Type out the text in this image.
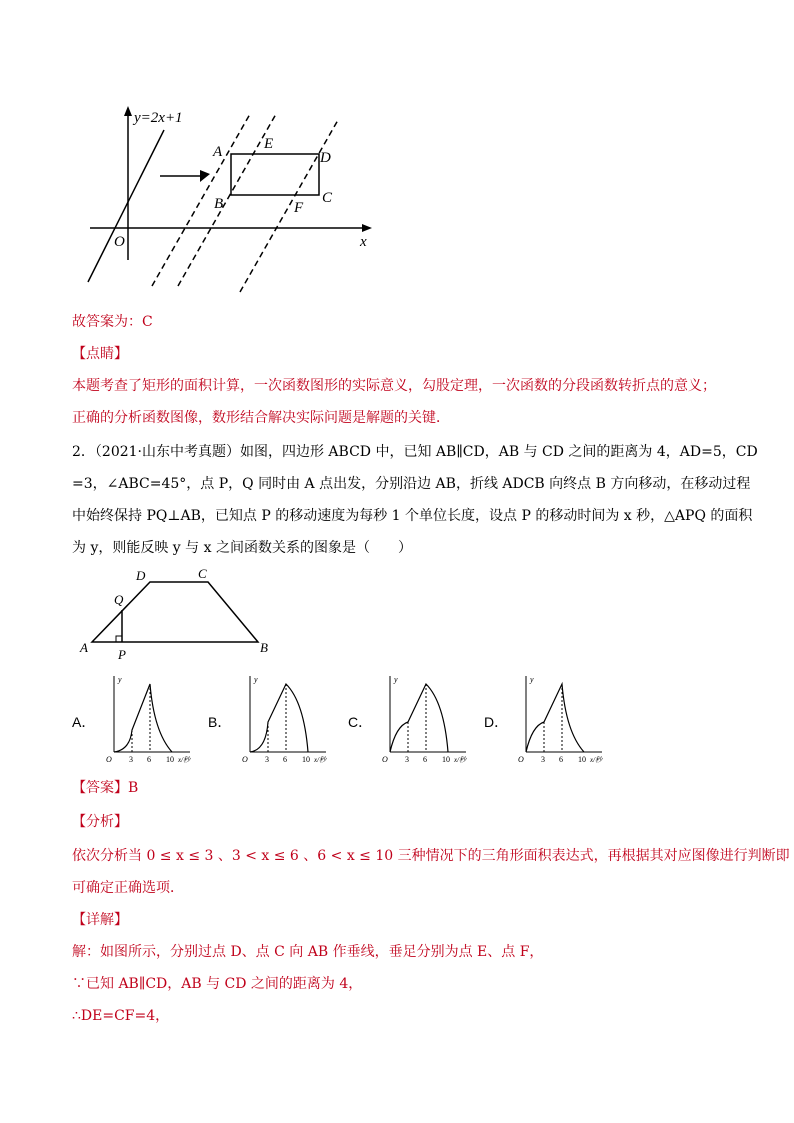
y=2x+1
A	E
D
B	F
C
O	x
故答案为：C
【点睛】
本题考查了矩形的面积计算，一次函数图形的实际意义，勾股定理，一次函数的分段函数转折点的意义；
正确的分析函数图像，数形结合解决实际问题是解题的关键．
2．（2021·山东中考真题）如图，四边形 ABCD 中，已知 AB∥CD，AB 与 CD 之间的距离为 4，AD=5，CD
=3，∠ABC=45°，点 P，Q 同时由 A 点出发，分别沿边 AB，折线 ADCB 向终点 B 方向移动，在移动过程
中始终保持 PQ⊥AB，已知点 P 的移动速度为每秒 1 个单位长度，设点 P 的移动时间为 x 秒，△APQ 的面积
为 y，则能反映 y 与 x 之间函数关系的图象是（　　）
D	C
Q
A P	B
A．	B．	C．	D．
y
O 3 6 10 x/秒
y
O 3 6 10 x/秒
y
O 3 6 10 x/秒
y
O 3 6 10 x/秒
【答案】B
【分析】
依次分析当 0 ≤ x ≤ 3 、3 < x ≤ 6 、6 < x ≤ 10 三种情况下的三角形面积表达式，再根据其对应图像进行判断即
可确定正确选项．
【详解】
解：如图所示，分别过点 D、点 C 向 AB 作垂线，垂足分别为点 E、点 F，
∵已知 AB∥CD，AB 与 CD 之间的距离为 4，
∴DE=CF=4，
